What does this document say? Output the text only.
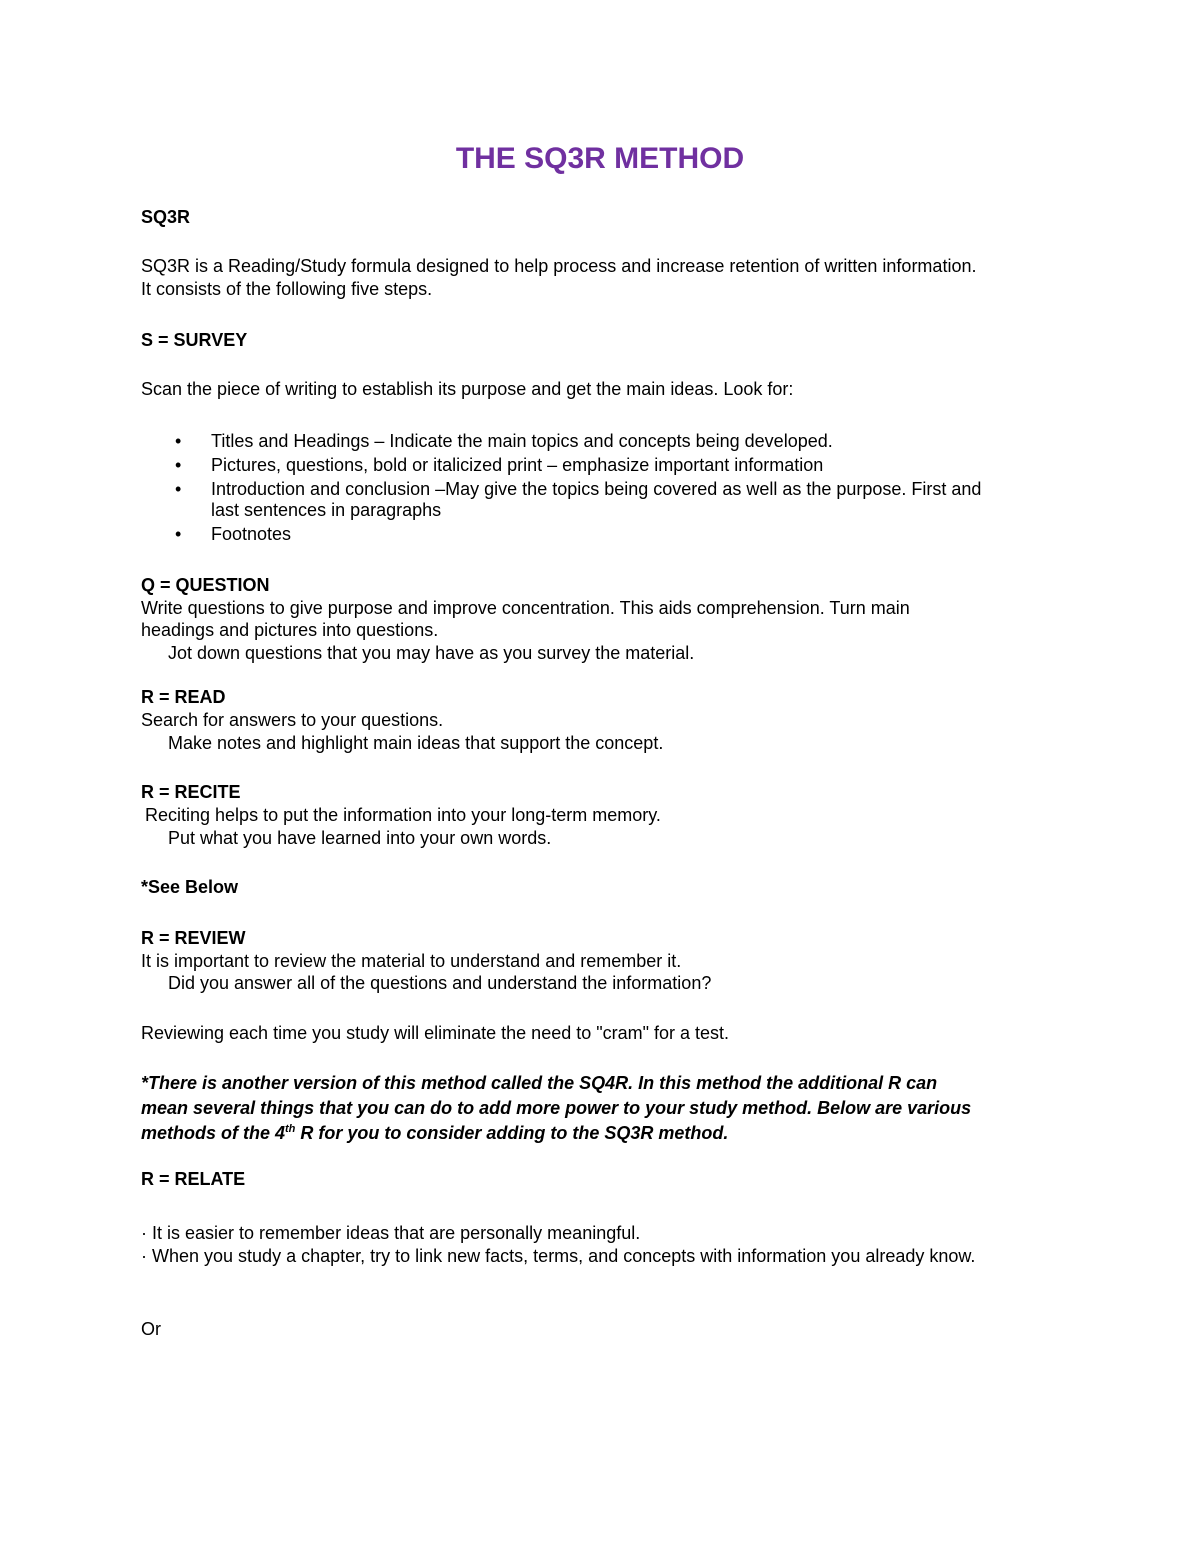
THE SQ3R METHOD
SQ3R
SQ3R is a Reading/Study formula designed to help process and increase retention of written information.
It consists of the following five steps.
S = SURVEY
Scan the piece of writing to establish its purpose and get the main ideas. Look for:
• Titles and Headings – Indicate the main topics and concepts being developed.
• Pictures, questions, bold or italicized print – emphasize important information
• Introduction and conclusion –May give the topics being covered as well as the purpose. First and
last sentences in paragraphs
• Footnotes
Q = QUESTION
Write questions to give purpose and improve concentration. This aids comprehension. Turn main
headings and pictures into questions.
Jot down questions that you may have as you survey the material.
R = READ
Search for answers to your questions.
Make notes and highlight main ideas that support the concept.
R = RECITE
Reciting helps to put the information into your long-term memory.
Put what you have learned into your own words.
*See Below
R = REVIEW
It is important to review the material to understand and remember it.
Did you answer all of the questions and understand the information?
Reviewing each time you study will eliminate the need to "cram" for a test.
*There is another version of this method called the SQ4R. In this method the additional R can
mean several things that you can do to add more power to your study method. Below are various
methods of the 4th R for you to consider adding to the SQ3R method.
R = RELATE
· It is easier to remember ideas that are personally meaningful.
· When you study a chapter, try to link new facts, terms, and concepts with information you already know.
Or
